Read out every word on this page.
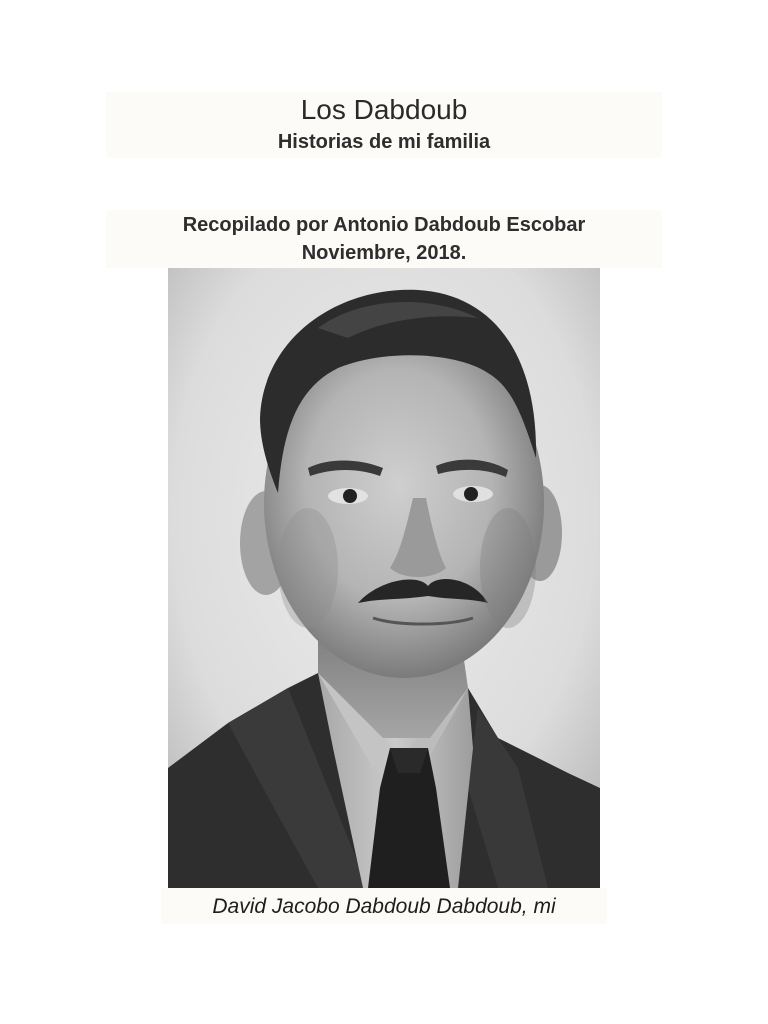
Los Dabdoub
Historias de mi familia
Recopilado por Antonio Dabdoub Escobar
Noviembre, 2018.
David Jacobo Dabdoub Dabdoub, mi
